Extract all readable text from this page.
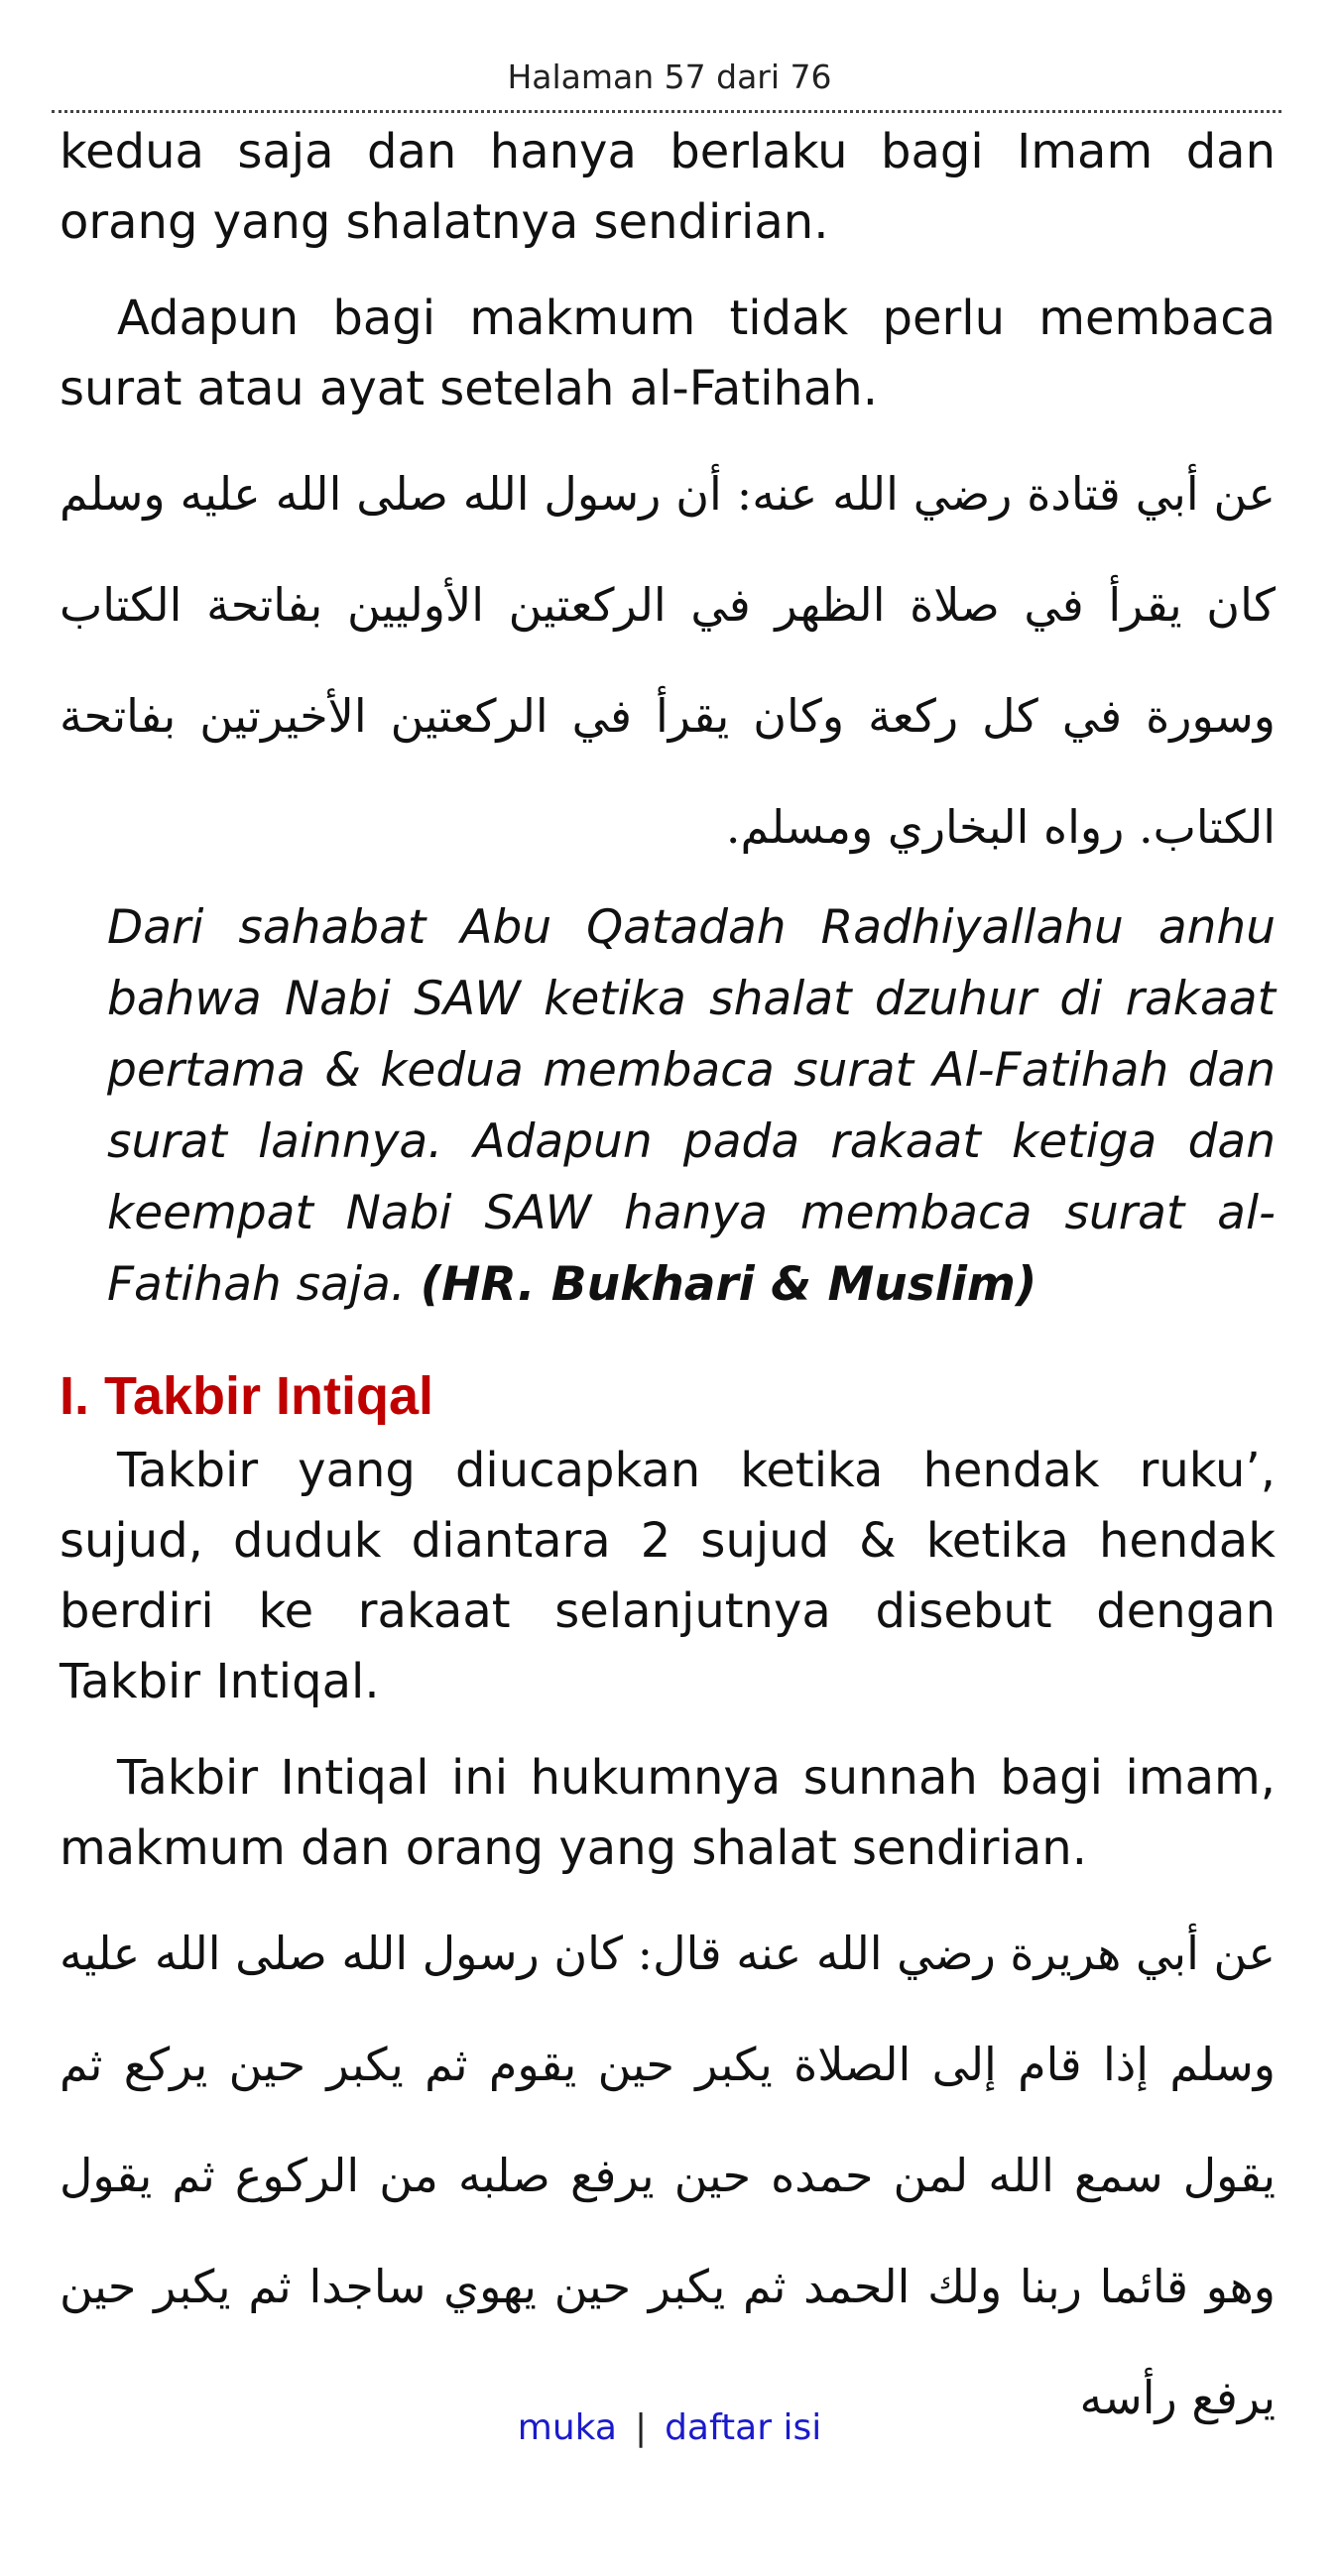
Halaman 57 dari 76

kedua saja dan hanya berlaku bagi Imam dan orang yang shalatnya sendirian.

Adapun bagi makmum tidak perlu membaca surat atau ayat setelah al-Fatihah.

عن أبي قتادة رضي الله عنه: أن رسول الله صلى الله عليه وسلم كان يقرأ في صلاة الظهر في الركعتين الأوليين بفاتحة الكتاب وسورة في كل ركعة وكان يقرأ في الركعتين الأخيرتين بفاتحة الكتاب. رواه البخاري ومسلم.

Dari sahabat Abu Qatadah Radhiyallahu anhu bahwa Nabi SAW ketika shalat dzuhur di rakaat pertama & kedua membaca surat Al-Fatihah dan surat lainnya. Adapun pada rakaat ketiga dan keempat Nabi SAW hanya membaca surat al-Fatihah saja. (HR. Bukhari & Muslim)

I. Takbir Intiqal

Takbir yang diucapkan ketika hendak ruku’, sujud, duduk diantara 2 sujud & ketika hendak berdiri ke rakaat selanjutnya disebut dengan Takbir Intiqal.

Takbir Intiqal ini hukumnya sunnah bagi imam, makmum dan orang yang shalat sendirian.

عن أبي هريرة رضي الله عنه قال: كان رسول الله صلى الله عليه وسلم إذا قام إلى الصلاة يكبر حين يقوم ثم يكبر حين يركع ثم يقول سمع الله لمن حمده حين يرفع صلبه من الركوع ثم يقول وهو قائما ربنا ولك الحمد ثم يكبر حين يهوي ساجدا ثم يكبر حين يرفع رأسه

muka | daftar isi
